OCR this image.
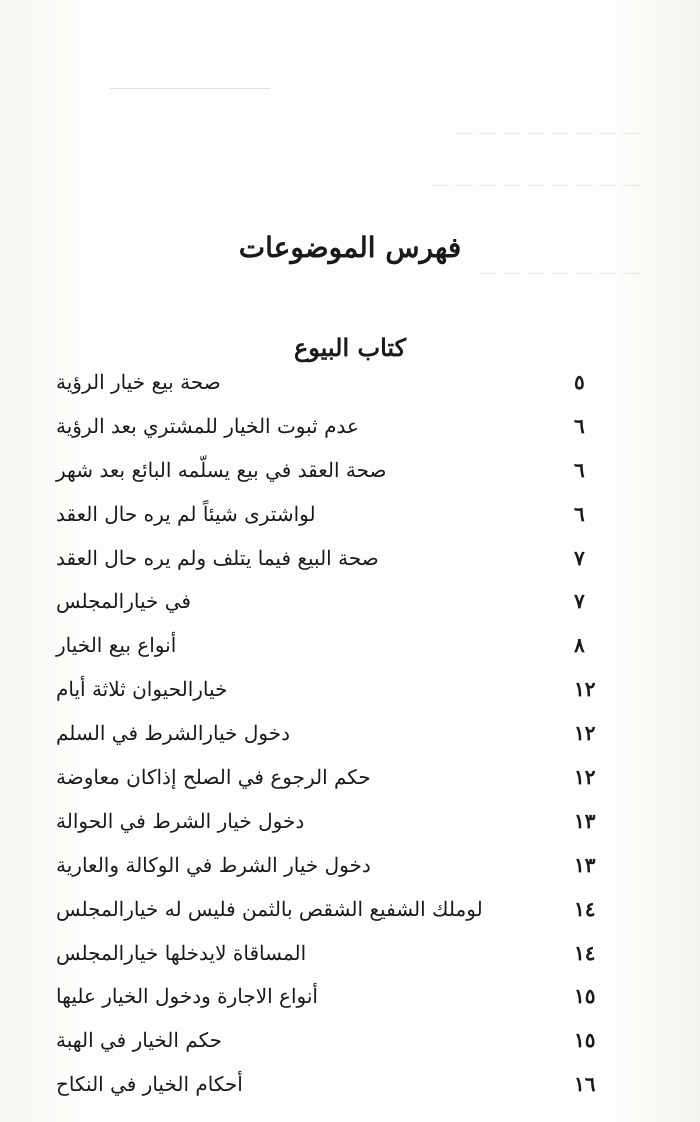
— — — — — — — —
— — — — — — — — —
— — — — — — —
فهرس الموضوعات
كتاب البيوع
صحة بيع خيار الرؤية	٥
عدم ثبوت الخيار للمشتري بعد الرؤية	٦
صحة العقد في بيع يسلّمه البائع بعد شهر	٦
لواشترى شيئاً لم يره حال العقد	٦
صحة البيع فيما يتلف ولم يره حال العقد	٧
في خيارالمجلس	٧
أنواع بيع الخيار	٨
خيارالحيوان ثلاثة أيام	١٢
دخول خيارالشرط في السلم	١٢
حكم الرجوع في الصلح إذاكان معاوضة	١٢
دخول خيار الشرط في الحوالة	١٣
دخول خيار الشرط في الوكالة والعارية	١٣
لوملك الشفيع الشقص بالثمن فليس له خيارالمجلس	١٤
المساقاة لايدخلها خيارالمجلس	١٤
أنواع الاجارة ودخول الخيار عليها	١٥
حكم الخيار في الهبة	١٥
أحكام الخيار في النكاح	١٦
